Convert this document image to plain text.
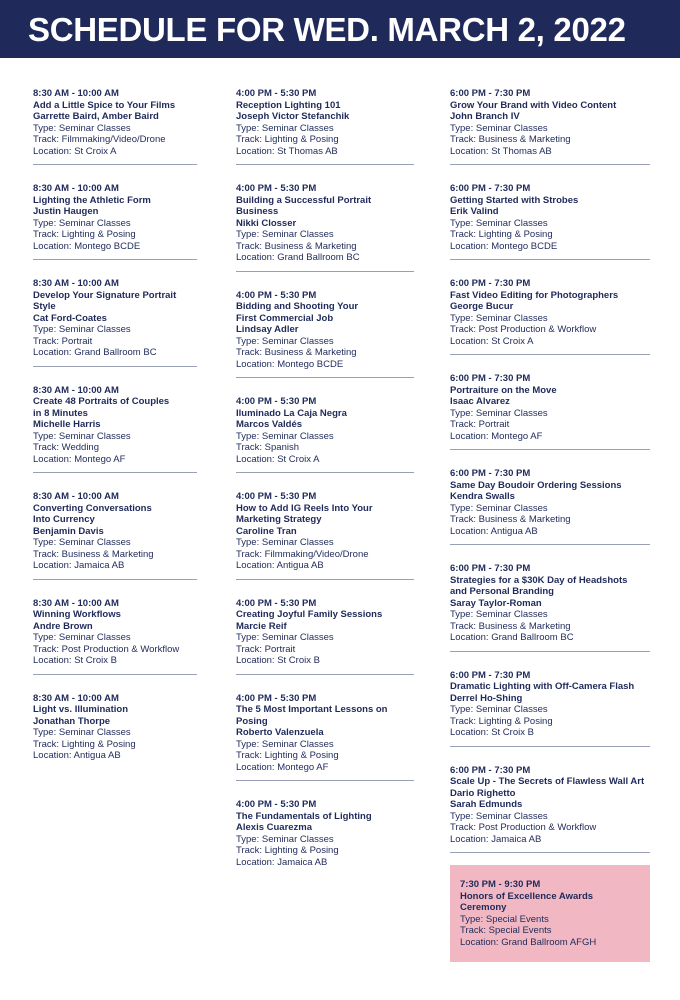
SCHEDULE FOR WED. MARCH 2, 2022
8:30 AM - 10:00 AM
Add a Little Spice to Your Films
Garrette Baird, Amber Baird
Type: Seminar Classes
Track: Filmmaking/Video/Drone
Location: St Croix A
8:30 AM - 10:00 AM
Lighting the Athletic Form
Justin Haugen
Type: Seminar Classes
Track: Lighting & Posing
Location: Montego BCDE
8:30 AM - 10:00 AM
Develop Your Signature Portrait Style
Cat Ford-Coates
Type: Seminar Classes
Track: Portrait
Location: Grand Ballroom BC
8:30 AM - 10:00 AM
Create 48 Portraits of Couples
in 8 Minutes
Michelle Harris
Type: Seminar Classes
Track: Wedding
Location: Montego AF
8:30 AM - 10:00 AM
Converting Conversations
Into Currency
Benjamin Davis
Type: Seminar Classes
Track: Business & Marketing
Location: Jamaica AB
8:30 AM - 10:00 AM
Winning Workflows
Andre Brown
Type: Seminar Classes
Track: Post Production & Workflow
Location: St Croix B
8:30 AM - 10:00 AM
Light vs. Illumination
Jonathan Thorpe
Type: Seminar Classes
Track: Lighting & Posing
Location: Antigua AB
4:00 PM - 5:30 PM
Reception Lighting 101
Joseph Victor Stefanchik
Type: Seminar Classes
Track: Lighting & Posing
Location: St Thomas AB
4:00 PM - 5:30 PM
Building a Successful Portrait Business
Nikki Closser
Type: Seminar Classes
Track: Business & Marketing
Location: Grand Ballroom BC
4:00 PM - 5:30 PM
Bidding and Shooting Your
First Commercial Job
Lindsay Adler
Type: Seminar Classes
Track: Business & Marketing
Location: Montego BCDE
4:00 PM - 5:30 PM
Iluminado La Caja Negra
Marcos Valdés
Type: Seminar Classes
Track: Spanish
Location: St Croix A
4:00 PM - 5:30 PM
How to Add IG Reels Into Your
Marketing Strategy
Caroline Tran
Type: Seminar Classes
Track: Filmmaking/Video/Drone
Location: Antigua AB
4:00 PM - 5:30 PM
Creating Joyful Family Sessions
Marcie Reif
Type: Seminar Classes
Track: Portrait
Location: St Croix B
4:00 PM - 5:30 PM
The 5 Most Important Lessons on Posing
Roberto Valenzuela
Type: Seminar Classes
Track: Lighting & Posing
Location: Montego AF
4:00 PM - 5:30 PM
The Fundamentals of Lighting
Alexis Cuarezma
Type: Seminar Classes
Track: Lighting & Posing
Location: Jamaica AB
6:00 PM - 7:30 PM
Grow Your Brand with Video Content
John Branch IV
Type: Seminar Classes
Track: Business & Marketing
Location: St Thomas AB
6:00 PM - 7:30 PM
Getting Started with Strobes
Erik Valind
Type: Seminar Classes
Track: Lighting & Posing
Location: Montego BCDE
6:00 PM - 7:30 PM
Fast Video Editing for Photographers
George Bucur
Type: Seminar Classes
Track: Post Production & Workflow
Location: St Croix A
6:00 PM - 7:30 PM
Portraiture on the Move
Isaac Alvarez
Type: Seminar Classes
Track: Portrait
Location: Montego AF
6:00 PM - 7:30 PM
Same Day Boudoir Ordering Sessions
Kendra Swalls
Type: Seminar Classes
Track: Business & Marketing
Location: Antigua AB
6:00 PM - 7:30 PM
Strategies for a $30K Day of Headshots
and Personal Branding
Saray Taylor-Roman
Type: Seminar Classes
Track: Business & Marketing
Location: Grand Ballroom BC
6:00 PM - 7:30 PM
Dramatic Lighting with Off-Camera Flash
Derrel Ho-Shing
Type: Seminar Classes
Track: Lighting & Posing
Location: St Croix B
6:00 PM - 7:30 PM
Scale Up - The Secrets of Flawless Wall Art
Dario Righetto
Sarah Edmunds
Type: Seminar Classes
Track: Post Production & Workflow
Location: Jamaica AB
7:30 PM - 9:30 PM
Honors of Excellence Awards Ceremony
Type: Special Events
Track: Special Events
Location: Grand Ballroom AFGH
